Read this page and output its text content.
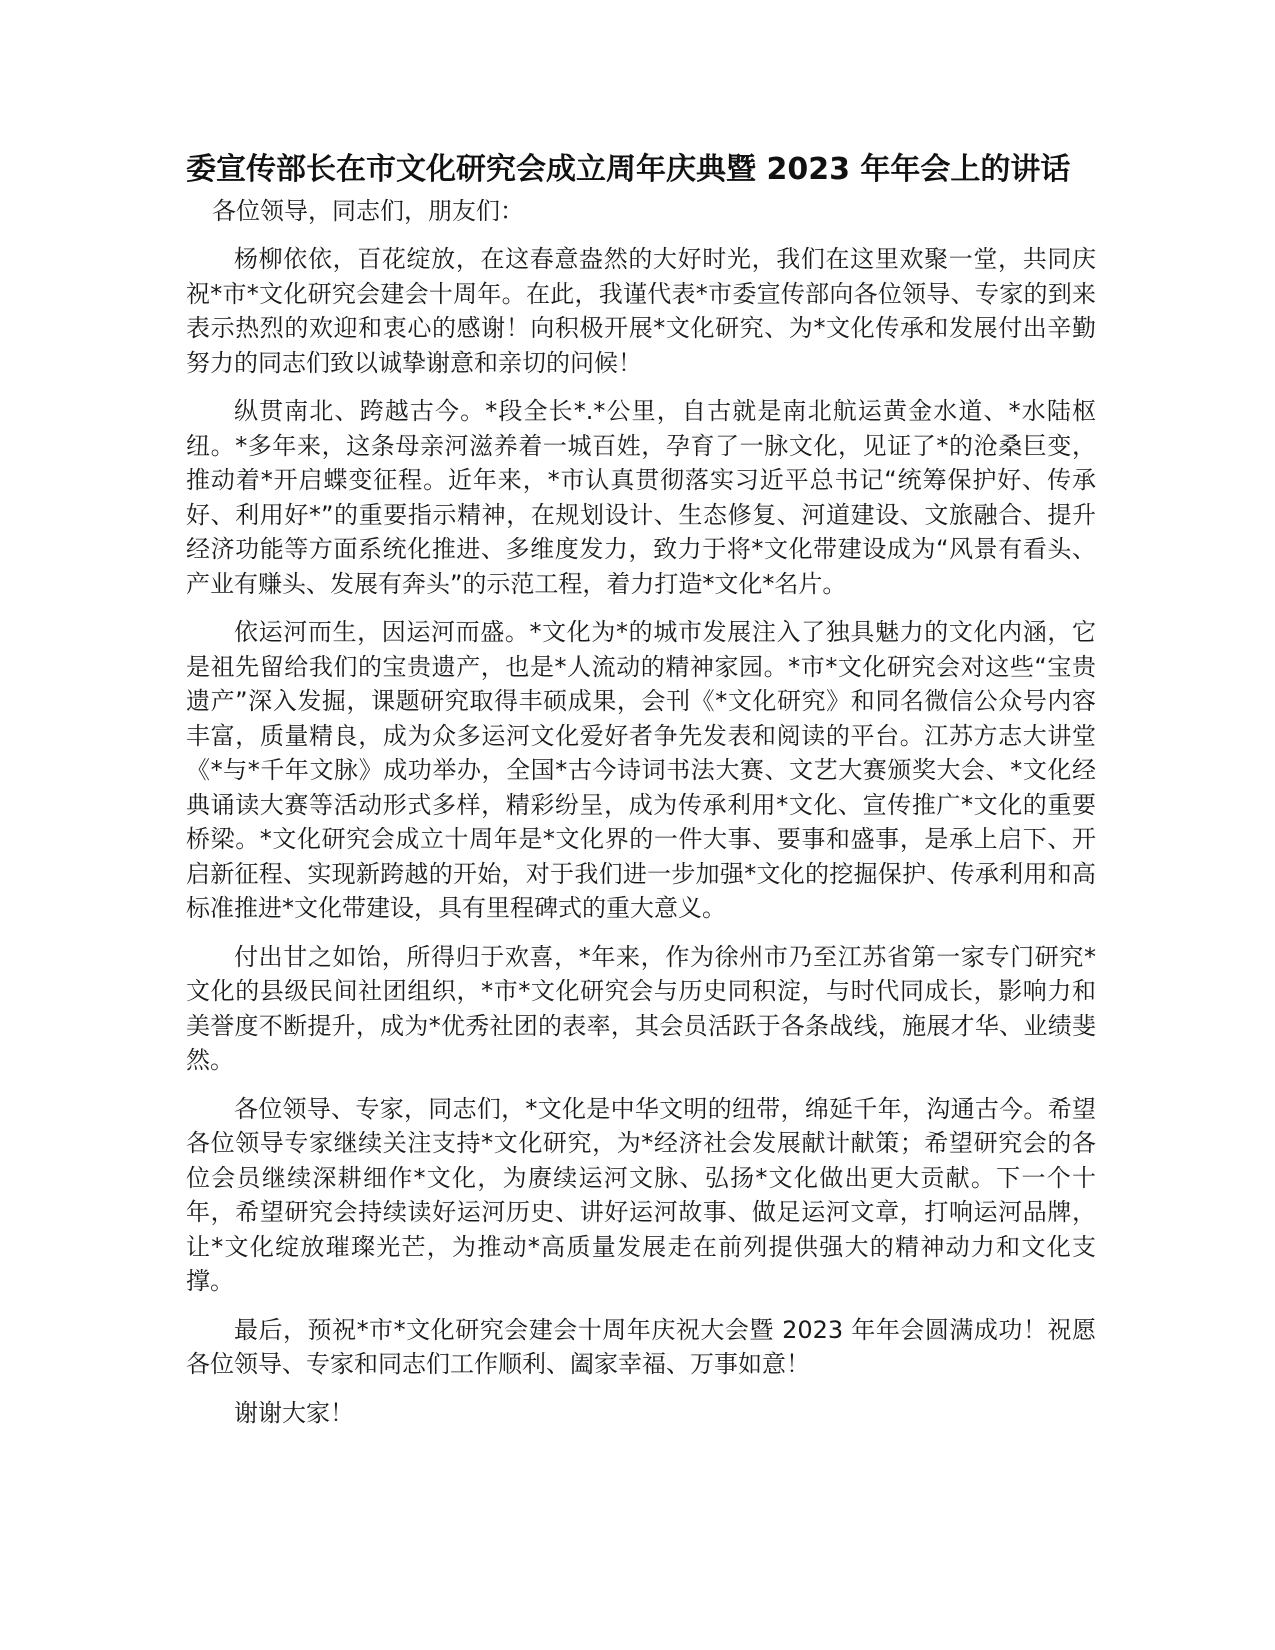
委宣传部长在市文化研究会成立周年庆典暨 2023 年年会上的讲话

各位领导，同志们，朋友们：

杨柳依依，百花绽放，在这春意盎然的大好时光，我们在这里欢聚一堂，共同庆祝*市*文化研究会建会十周年。在此，我谨代表*市委宣传部向各位领导、专家的到来表示热烈的欢迎和衷心的感谢！向积极开展*文化研究、为*文化传承和发展付出辛勤努力的同志们致以诚挚谢意和亲切的问候！

纵贯南北、跨越古今。*段全长*.*公里，自古就是南北航运黄金水道、*水陆枢纽。*多年来，这条母亲河滋养着一城百姓，孕育了一脉文化，见证了*的沧桑巨变，推动着*开启蝶变征程。近年来，*市认真贯彻落实习近平总书记“统筹保护好、传承好、利用好*”的重要指示精神，在规划设计、生态修复、河道建设、文旅融合、提升经济功能等方面系统化推进、多维度发力，致力于将*文化带建设成为“风景有看头、产业有赚头、发展有奔头”的示范工程，着力打造*文化*名片。

依运河而生，因运河而盛。*文化为*的城市发展注入了独具魅力的文化内涵，它是祖先留给我们的宝贵遗产，也是*人流动的精神家园。*市*文化研究会对这些“宝贵遗产”深入发掘，课题研究取得丰硕成果，会刊《*文化研究》和同名微信公众号内容丰富，质量精良，成为众多运河文化爱好者争先发表和阅读的平台。江苏方志大讲堂《*与*千年文脉》成功举办，全国*古今诗词书法大赛、文艺大赛颁奖大会、*文化经典诵读大赛等活动形式多样，精彩纷呈，成为传承利用*文化、宣传推广*文化的重要桥梁。*文化研究会成立十周年是*文化界的一件大事、要事和盛事，是承上启下、开启新征程、实现新跨越的开始，对于我们进一步加强*文化的挖掘保护、传承利用和高标准推进*文化带建设，具有里程碑式的重大意义。

付出甘之如饴，所得归于欢喜，*年来，作为徐州市乃至江苏省第一家专门研究*文化的县级民间社团组织，*市*文化研究会与历史同积淀，与时代同成长，影响力和美誉度不断提升，成为*优秀社团的表率，其会员活跃于各条战线，施展才华、业绩斐然。

各位领导、专家，同志们，*文化是中华文明的纽带，绵延千年，沟通古今。希望各位领导专家继续关注支持*文化研究，为*经济社会发展献计献策；希望研究会的各位会员继续深耕细作*文化，为赓续运河文脉、弘扬*文化做出更大贡献。下一个十年，希望研究会持续读好运河历史、讲好运河故事、做足运河文章，打响运河品牌，让*文化绽放璀璨光芒，为推动*高质量发展走在前列提供强大的精神动力和文化支撑。

最后，预祝*市*文化研究会建会十周年庆祝大会暨 2023 年年会圆满成功！祝愿各位领导、专家和同志们工作顺利、阖家幸福、万事如意！

谢谢大家！
